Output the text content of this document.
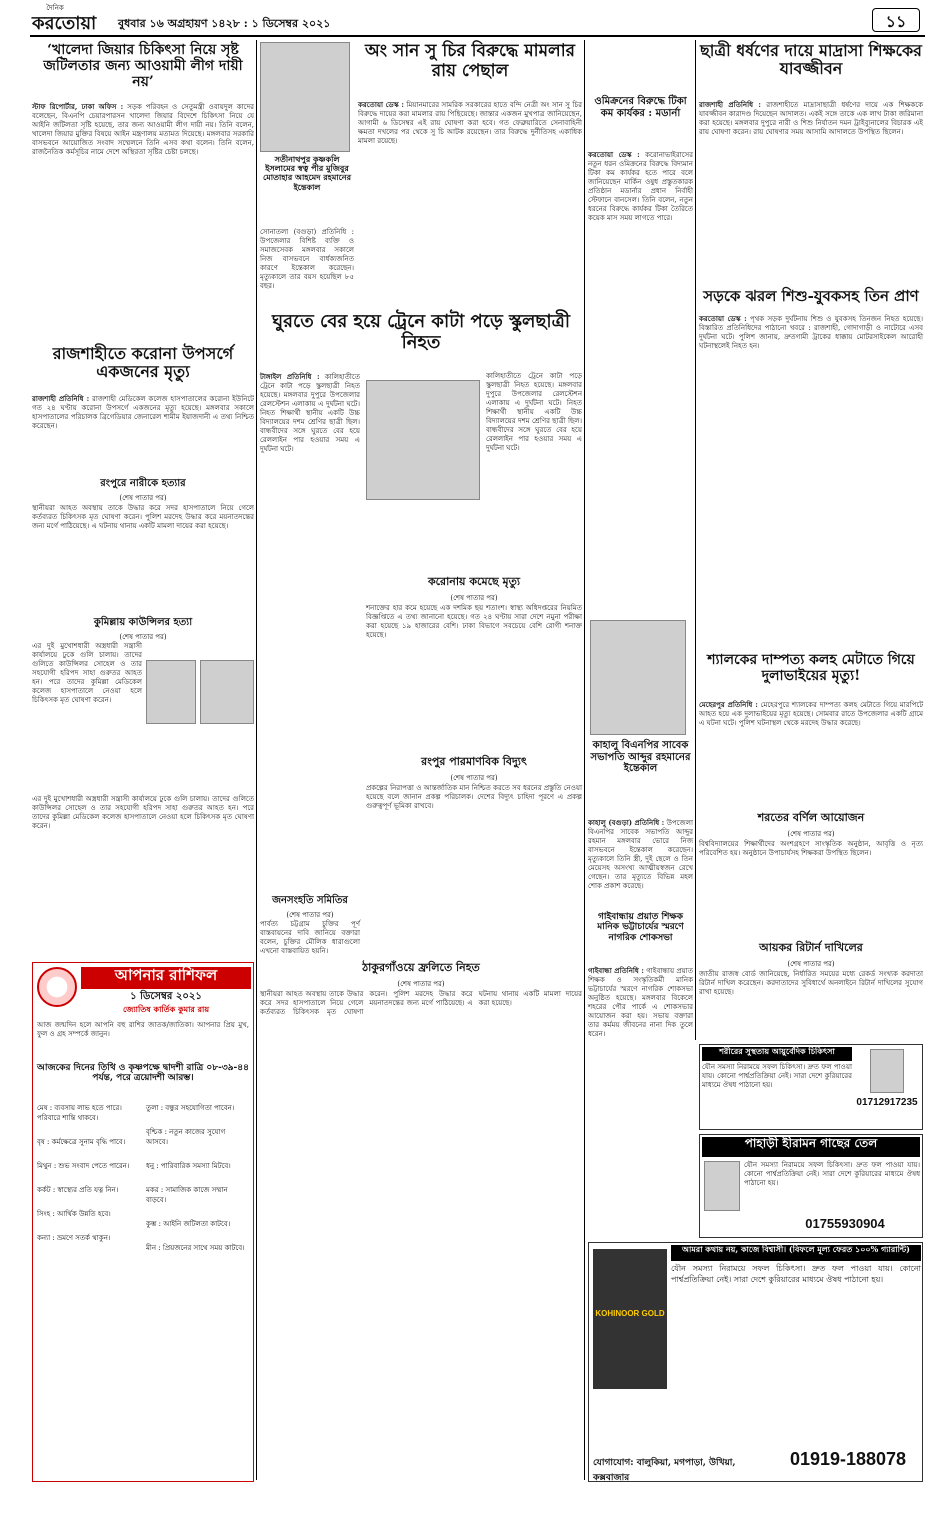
দৈনিক
করতোয়া	বুধবার ১৬ অগ্রহায়ণ ১৪২৮ : ১ ডিসেম্বর ২০২১	১১
‘খালেদা জিয়ার চিকিৎসা নিয়ে সৃষ্ট জটিলতার জন্য আওয়ামী লীগ দায়ী নয়’
স্টাফ রিপোর্টার, ঢাকা অফিস : সড়ক পরিবহন ও সেতুমন্ত্রী ওবায়দুল কাদের বলেছেন, বিএনপি চেয়ারপারসন খালেদা জিয়ার বিদেশে চিকিৎসা নিয়ে যে আইনি জটিলতা সৃষ্টি হয়েছে, তার জন্য আওয়ামী লীগ দায়ী নয়। তিনি বলেন, খালেদা জিয়ার মুক্তির বিষয়ে আইন মন্ত্রণালয় মতামত দিয়েছে। মঙ্গলবার সরকারি বাসভবনে আয়োজিত সংবাদ সম্মেলনে তিনি এসব কথা বলেন। তিনি বলেন, রাজনৈতিক কর্মসূচির নামে দেশে অস্থিরতা সৃষ্টির চেষ্টা চলছে।
রাজশাহীতে করোনা উপসর্গে একজনের মৃত্যু
রাজশাহী প্রতিনিধি : রাজশাহী মেডিকেল কলেজ হাসপাতালের করোনা ইউনিটে গত ২৪ ঘণ্টায় করোনা উপসর্গে একজনের মৃত্যু হয়েছে। মঙ্গলবার সকালে হাসপাতালের পরিচালক ব্রিগেডিয়ার জেনারেল শামীম ইয়াজদানী এ তথ্য নিশ্চিত করেছেন।
রংপুরে নারীকে হত্যার
(শেষ পাতার পর)
স্থানীয়রা আহত অবস্থায় তাকে উদ্ধার করে সদর হাসপাতালে নিয়ে গেলে কর্তব্যরত চিকিৎসক মৃত ঘোষণা করেন। পুলিশ মরদেহ উদ্ধার করে ময়নাতদন্তের জন্য মর্গে পাঠিয়েছে। এ ঘটনায় থানায় একটি মামলা দায়ের করা হয়েছে।
কুমিল্লায় কাউন্সিলর হত্যা
(শেষ পাতার পর)
এর দুই মুখোশধারী অস্ত্রধারী সন্ত্রাসী কার্যালয়ে ঢুকে গুলি চালায়। তাদের গুলিতে কাউন্সিলর সোহেল ও তার সহযোগী হরিপদ সাহা গুরুতর আহত হন। পরে তাদের কুমিল্লা মেডিকেল কলেজ হাসপাতালে নেওয়া হলে চিকিৎসক মৃত ঘোষণা করেন।
এর দুই মুখোশধারী অস্ত্রধারী সন্ত্রাসী কার্যালয়ে ঢুকে গুলি চালায়। তাদের গুলিতে কাউন্সিলর সোহেল ও তার সহযোগী হরিপদ সাহা গুরুতর আহত হন। পরে তাদের কুমিল্লা মেডিকেল কলেজ হাসপাতালে নেওয়া হলে চিকিৎসক মৃত ঘোষণা করেন।
আপনার রাশিফল
১ ডিসেম্বর ২০২১
জ্যোতিষ কার্তিক কুমার রায়
আজ জন্মদিন হলে আপনি বহু রাশির জাতক/জাতিকা। আপনার প্রিয় মুখ, ফুল ও গ্রহ সম্পর্কে জানুন।
আজকের দিনের তিথি ও কৃষ্ণপক্ষে দ্বাদশী রাত্রি ০৮-৩৯-৪৪ পর্যন্ত, পরে ত্রয়োদশী আরম্ভ।
মেষ : ব্যবসায় লাভ হতে পারে। পরিবারে শান্তি থাকবে।
বৃষ : কর্মক্ষেত্রে সুনাম বৃদ্ধি পাবে।
মিথুন : শুভ সংবাদ পেতে পারেন।
কর্কট : স্বাস্থ্যের প্রতি যত্ন নিন।
সিংহ : আর্থিক উন্নতি হবে।
কন্যা : ভ্রমণে সতর্ক থাকুন।
তুলা : বন্ধুর সহযোগিতা পাবেন।
বৃশ্চিক : নতুন কাজের সুযোগ আসবে।
ধনু : পারিবারিক সমস্যা মিটবে।
মকর : সামাজিক কাজে সম্মান বাড়বে।
কুম্ভ : আইনি জটিলতা কাটবে।
মীন : প্রিয়জনের সাথে সময় কাটবে।
সতীনাথপুর কৃষ্ণকলি ইসলামের স্বত্ব পীর মুজিবুর মোতাহার আহমেদ রহমানের ইন্তেকাল
সোনাতলা (বগুড়া) প্রতিনিধি : উপজেলার বিশিষ্ট ব্যক্তি ও সমাজসেবক মঙ্গলবার সকালে নিজ বাসভবনে বার্ধক্যজনিত কারণে ইন্তেকাল করেছেন। মৃত্যুকালে তার বয়স হয়েছিল ৮৫ বছর।
অং সান সু চির বিরুদ্ধে মামলার রায় পেছাল
করতোয়া ডেস্ক : মিয়ানমারের সামরিক সরকারের হাতে বন্দি নেত্রী অং সান সু চির বিরুদ্ধে দায়ের করা মামলার রায় পিছিয়েছে। জান্তার একজন মুখপাত্র জানিয়েছেন, আগামী ৬ ডিসেম্বর এই রায় ঘোষণা করা হবে। গত ফেব্রুয়ারিতে সেনাবাহিনী ক্ষমতা দখলের পর থেকে সু চি আটক রয়েছেন। তার বিরুদ্ধে দুর্নীতিসহ একাধিক মামলা রয়েছে।
ঘুরতে বের হয়ে ট্রেনে কাটা পড়ে স্কুলছাত্রী নিহত
টাঙ্গাইল প্রতিনিধি : কালিহাতীতে ট্রেনে কাটা পড়ে স্কুলছাত্রী নিহত হয়েছে। মঙ্গলবার দুপুরে উপজেলার রেলস্টেশন এলাকায় এ দুর্ঘটনা ঘটে। নিহত শিক্ষার্থী স্থানীয় একটি উচ্চ বিদ্যালয়ের দশম শ্রেণির ছাত্রী ছিল। বান্ধবীদের সঙ্গে ঘুরতে বের হয়ে রেললাইন পার হওয়ার সময় এ দুর্ঘটনা ঘটে।
কালিহাতীতে ট্রেনে কাটা পড়ে স্কুলছাত্রী নিহত হয়েছে। মঙ্গলবার দুপুরে উপজেলার রেলস্টেশন এলাকায় এ দুর্ঘটনা ঘটে। নিহত শিক্ষার্থী স্থানীয় একটি উচ্চ বিদ্যালয়ের দশম শ্রেণির ছাত্রী ছিল। বান্ধবীদের সঙ্গে ঘুরতে বের হয়ে রেললাইন পার হওয়ার সময় এ দুর্ঘটনা ঘটে।
করোনায় কমেছে মৃত্যু
(শেষ পাতার পর)
শনাক্তের হার কমে হয়েছে এক দশমিক ছয় শতাংশ। স্বাস্থ্য অধিদপ্তরের নিয়মিত বিজ্ঞপ্তিতে এ তথ্য জানানো হয়েছে। গত ২৪ ঘণ্টায় সারা দেশে নমুনা পরীক্ষা করা হয়েছে ১৯ হাজারের বেশি। ঢাকা বিভাগে সবচেয়ে বেশি রোগী শনাক্ত হয়েছে।
রংপুর পারমাণবিক বিদ্যুৎ
(শেষ পাতার পর)
প্রকল্পের নিরাপত্তা ও আন্তর্জাতিক মান নিশ্চিত করতে সব ধরনের প্রস্তুতি নেওয়া হয়েছে বলে জানান প্রকল্প পরিচালক। দেশের বিদ্যুৎ চাহিদা পূরণে এ প্রকল্প গুরুত্বপূর্ণ ভূমিকা রাখবে।
জনসংহতি সমিতির
(শেষ পাতার পর)
পার্বত্য চট্টগ্রাম চুক্তির পূর্ণ বাস্তবায়নের দাবি জানিয়ে বক্তারা বলেন, চুক্তির মৌলিক ধারাগুলো এখনো বাস্তবায়িত হয়নি।
ঠাকুরগাঁওয়ে ফ্রলিতে নিহত
(শেষ পাতার পর)
স্থানীয়রা আহত অবস্থায় তাকে উদ্ধার করে সদর হাসপাতালে নিয়ে গেলে কর্তব্যরত চিকিৎসক মৃত ঘোষণা করেন। পুলিশ মরদেহ উদ্ধার করে ময়নাতদন্তের জন্য মর্গে পাঠিয়েছে। এ ঘটনায় থানায় একটি মামলা দায়ের করা হয়েছে।
ওমিক্রনের বিরুদ্ধে টিকা কম কার্যকর : মডার্না
করতোয়া ডেস্ক : করোনাভাইরাসের নতুন ধরন ওমিক্রনের বিরুদ্ধে বিদ্যমান টিকা কম কার্যকর হতে পারে বলে জানিয়েছেন মার্কিন ওষুধ প্রস্তুতকারক প্রতিষ্ঠান মডার্নার প্রধান নির্বাহী স্টেফানে বানসেল। তিনি বলেন, নতুন ধরনের বিরুদ্ধে কার্যকর টিকা তৈরিতে কয়েক মাস সময় লাগতে পারে।
কাহালু বিএনপির সাবেক সভাপতি আব্দুর রহমানের ইন্তেকাল
কাহালু (বগুড়া) প্রতিনিধি : উপজেলা বিএনপির সাবেক সভাপতি আব্দুর রহমান মঙ্গলবার ভোরে নিজ বাসভবনে ইন্তেকাল করেছেন। মৃত্যুকালে তিনি স্ত্রী, দুই ছেলে ও তিন মেয়েসহ অসংখ্য আত্মীয়স্বজন রেখে গেছেন। তার মৃত্যুতে বিভিন্ন মহল শোক প্রকাশ করেছে।
গাইবান্ধায় প্রয়াত শিক্ষক মানিক ভট্টাচার্যের স্মরণে নাগরিক শোকসভা
গাইবান্ধা প্রতিনিধি : গাইবান্ধায় প্রয়াত শিক্ষক ও সংস্কৃতিকর্মী মানিক ভট্টাচার্যের স্মরণে নাগরিক শোকসভা অনুষ্ঠিত হয়েছে। মঙ্গলবার বিকেলে শহরের পৌর পার্কে এ শোকসভার আয়োজন করা হয়। সভায় বক্তারা তার কর্মময় জীবনের নানা দিক তুলে ধরেন।
ছাত্রী ধর্ষণের দায়ে মাদ্রাসা শিক্ষকের যাবজ্জীবন
রাজশাহী প্রতিনিধি : রাজশাহীতে মাদ্রাসাছাত্রী ধর্ষণের দায়ে এক শিক্ষককে যাবজ্জীবন কারাদণ্ড দিয়েছেন আদালত। একই সঙ্গে তাকে এক লাখ টাকা জরিমানা করা হয়েছে। মঙ্গলবার দুপুরে নারী ও শিশু নির্যাতন দমন ট্রাইব্যুনালের বিচারক এই রায় ঘোষণা করেন। রায় ঘোষণার সময় আসামি আদালতে উপস্থিত ছিলেন।
সড়কে ঝরল শিশু-যুবকসহ তিন প্রাণ
করতোয়া ডেস্ক : পৃথক সড়ক দুর্ঘটনায় শিশু ও যুবকসহ তিনজন নিহত হয়েছে। বিস্তারিত প্রতিনিধিদের পাঠানো খবরে : রাজশাহী, গোদাগাড়ী ও নাটোরে এসব দুর্ঘটনা ঘটে। পুলিশ জানায়, দ্রুতগামী ট্রাকের ধাক্কায় মোটরসাইকেল আরোহী ঘটনাস্থলেই নিহত হন।
শ্যালকের দাম্পত্য কলহ মেটাতে গিয়ে দুলাভাইয়ের মৃত্যু!
মেহেরপুর প্রতিনিধি : মেহেরপুরে শ্যালকের দাম্পত্য কলহ মেটাতে গিয়ে মারপিটে আহত হয়ে এক দুলাভাইয়ের মৃত্যু হয়েছে। সোমবার রাতে উপজেলার একটি গ্রামে এ ঘটনা ঘটে। পুলিশ ঘটনাস্থল থেকে মরদেহ উদ্ধার করেছে।
শরতের বর্ণিল আয়োজন
(শেষ পাতার পর)
বিশ্ববিদ্যালয়ের শিক্ষার্থীদের অংশগ্রহণে সাংস্কৃতিক অনুষ্ঠান, আবৃত্তি ও নৃত্য পরিবেশিত হয়। অনুষ্ঠানে উপাচার্যসহ শিক্ষকরা উপস্থিত ছিলেন।
আয়কর রিটার্ন দাখিলের
(শেষ পাতার পর)
জাতীয় রাজস্ব বোর্ড জানিয়েছে, নির্ধারিত সময়ের মধ্যে রেকর্ড সংখ্যক করদাতা রিটার্ন দাখিল করেছেন। করদাতাদের সুবিধার্থে অনলাইনে রিটার্ন দাখিলের সুযোগ রাখা হয়েছে।
শরীরের সুস্থতায় আয়ুর্বেদিক চিকিৎসা
যৌন সমস্যা নিরাময়ে সফল চিকিৎসা। দ্রুত ফল পাওয়া যায়। কোনো পার্শ্বপ্রতিক্রিয়া নেই। সারা দেশে কুরিয়ারের মাধ্যমে ঔষধ পাঠানো হয়।
01712917235
পাহাড়ী হীরামন গাছের তেল
যৌন সমস্যা নিরাময়ে সফল চিকিৎসা। দ্রুত ফল পাওয়া যায়। কোনো পার্শ্বপ্রতিক্রিয়া নেই। সারা দেশে কুরিয়ারের মাধ্যমে ঔষধ পাঠানো হয়।
01755930904
আমরা কথায় নয়, কাজে বিশ্বাসী। (বিফলে মূল্য ফেরত ১০০% গ্যারান্টি)
KOHINOOR GOLD
যৌন সমস্যা নিরাময়ে সফল চিকিৎসা। দ্রুত ফল পাওয়া যায়। কোনো পার্শ্বপ্রতিক্রিয়া নেই। সারা দেশে কুরিয়ারের মাধ্যমে ঔষধ পাঠানো হয়।
যোগাযোগ: বালুকিয়া, মগপাড়া, উখিয়া, কক্সবাজার
01919-188078
